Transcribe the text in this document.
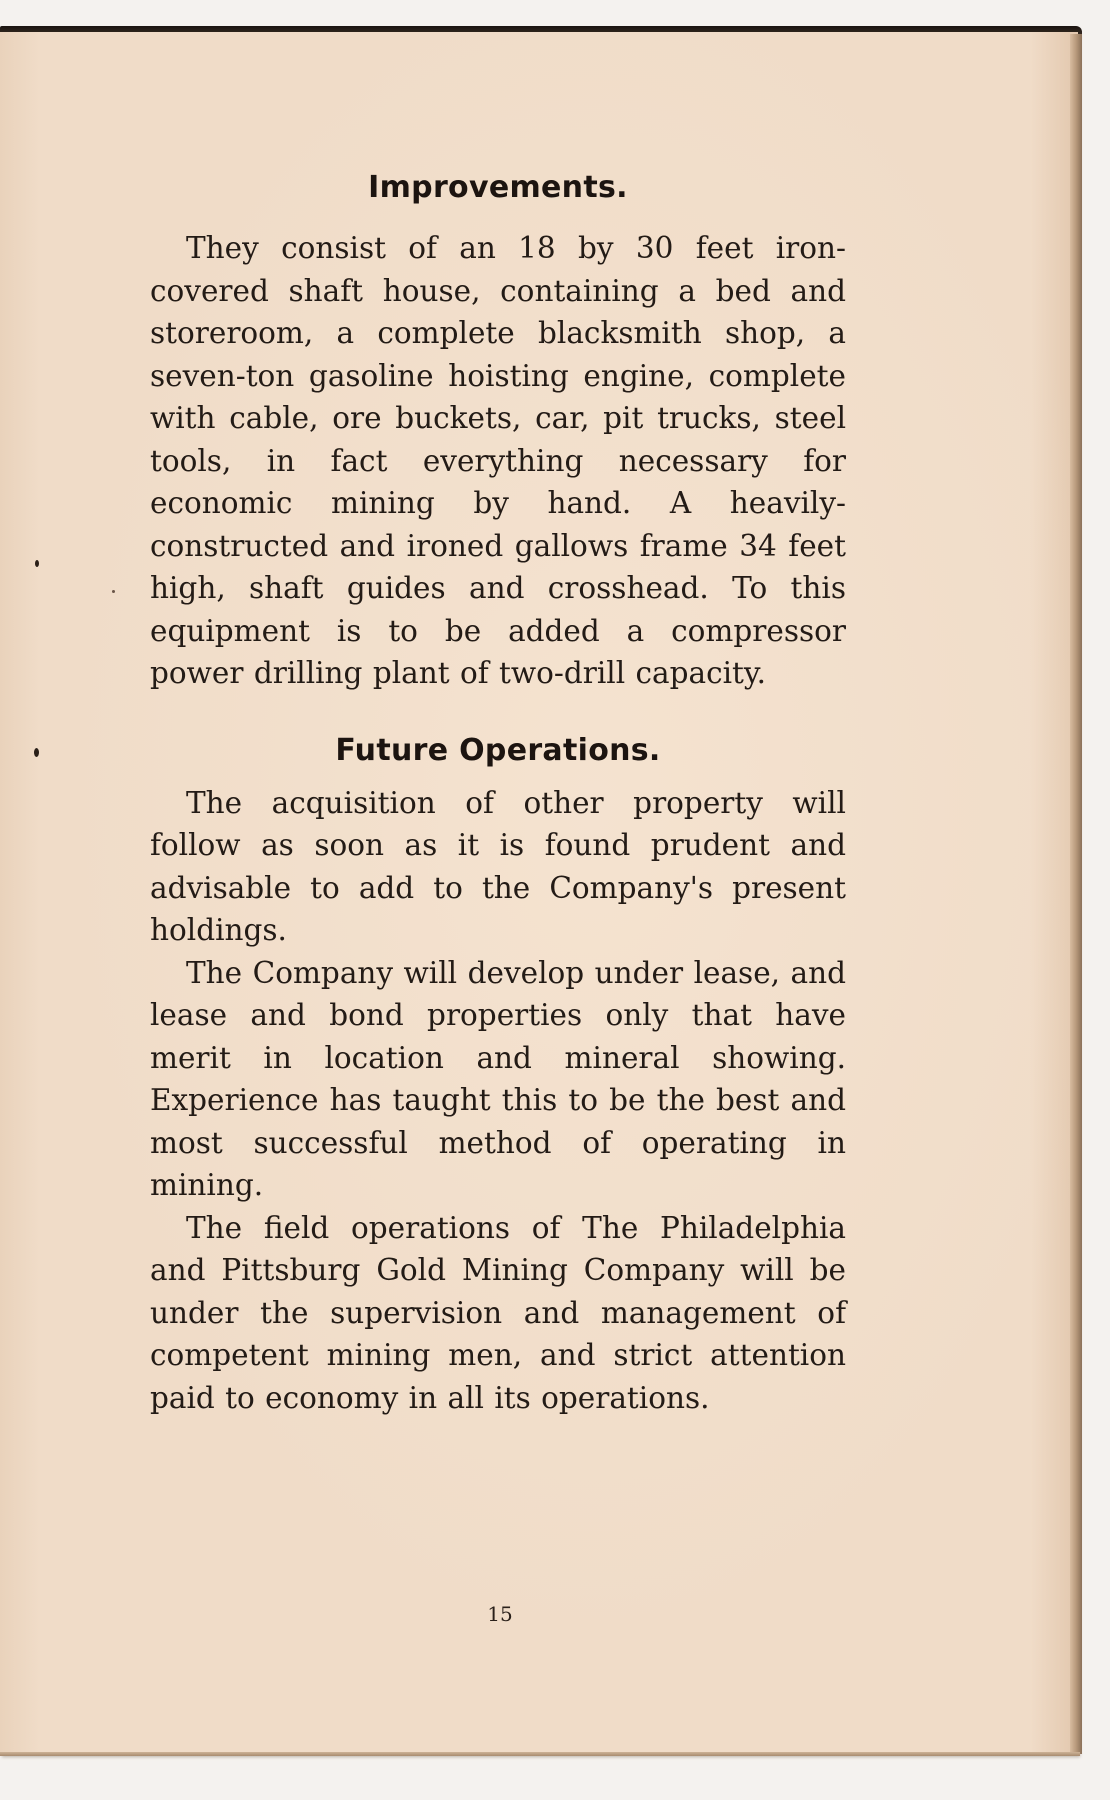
Improvements.

They consist of an 18 by 30 feet iron-covered shaft house, containing a bed and storeroom, a complete blacksmith shop, a seven-ton gasoline hoisting engine, complete with cable, ore buckets, car, pit trucks, steel tools, in fact everything necessary for economic mining by hand. A heavily-constructed and ironed gallows frame 34 feet high, shaft guides and crosshead. To this equipment is to be added a compressor power drilling plant of two-drill capacity.

Future Operations.

The acquisition of other property will follow as soon as it is found prudent and advisable to add to the Company's present holdings.

The Company will develop under lease, and lease and bond properties only that have merit in location and mineral showing. Experience has taught this to be the best and most successful method of operating in mining.

The field operations of The Philadelphia and Pittsburg Gold Mining Company will be under the supervision and management of competent mining men, and strict attention paid to economy in all its operations.

15
